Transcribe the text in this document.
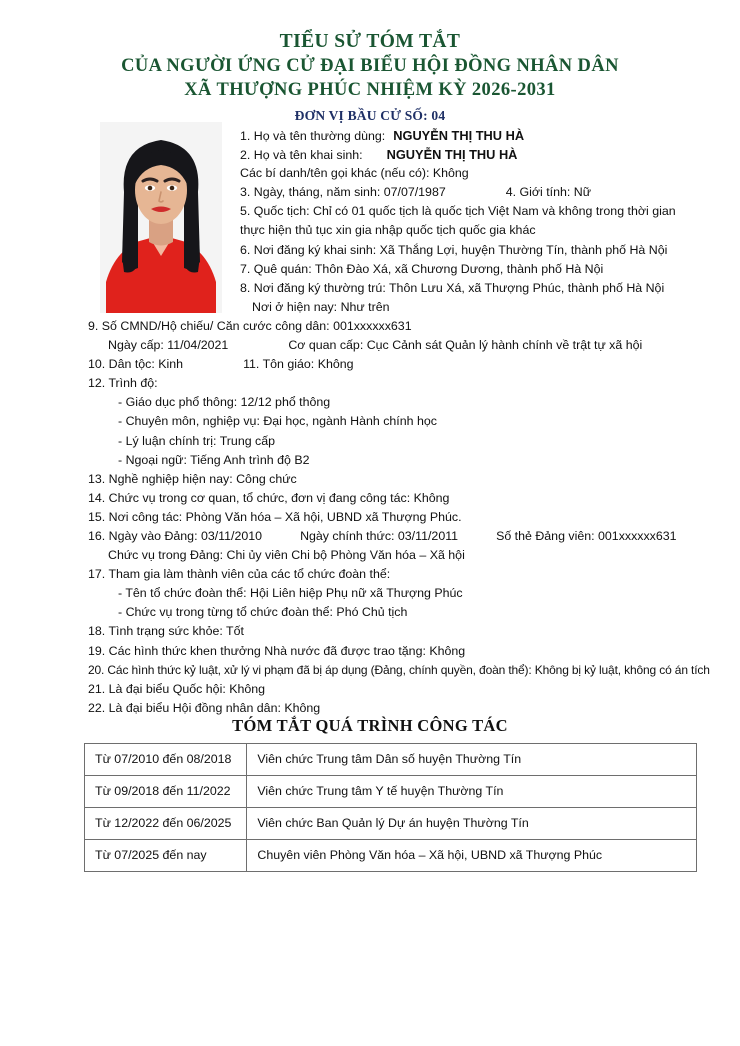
TIỂU SỬ TÓM TẮT
CỦA NGƯỜI ỨNG CỬ ĐẠI BIỂU HỘI ĐỒNG NHÂN DÂN
XÃ THƯỢNG PHÚC NHIỆM KỲ 2026-2031
ĐƠN VỊ BẦU CỬ SỐ: 04
1. Họ và tên thường dùng: NGUYỄN THỊ THU HÀ
2. Họ và tên khai sinh: NGUYỄN THỊ THU HÀ
Các bí danh/tên gọi khác (nếu có): Không
3. Ngày, tháng, năm sinh: 07/07/1987	4. Giới tính: Nữ
5. Quốc tịch: Chỉ có 01 quốc tịch là quốc tịch Việt Nam và không trong thời gian thực hiện thủ tục xin gia nhập quốc tịch quốc gia khác
6. Nơi đăng ký khai sinh: Xã Thắng Lợi, huyện Thường Tín, thành phố Hà Nội
7. Quê quán: Thôn Đào Xá, xã Chương Dương, thành phố Hà Nội
8. Nơi đăng ký thường trú: Thôn Lưu Xá, xã Thượng Phúc, thành phố Hà Nội
Nơi ở hiện nay: Như trên
9. Số CMND/Hộ chiếu/ Căn cước công dân: 001xxxxxx631
Ngày cấp: 11/04/2021	Cơ quan cấp: Cục Cảnh sát Quản lý hành chính về trật tự xã hội
10. Dân tộc: Kinh	11. Tôn giáo: Không
12. Trình độ:
- Giáo dục phổ thông: 12/12 phổ thông
- Chuyên môn, nghiệp vụ: Đại học, ngành Hành chính học
- Lý luận chính trị: Trung cấp
- Ngoại ngữ: Tiếng Anh trình độ B2
13. Nghề nghiệp hiện nay: Công chức
14. Chức vụ trong cơ quan, tổ chức, đơn vị đang công tác: Không
15. Nơi công tác: Phòng Văn hóa – Xã hội, UBND xã Thượng Phúc.
16. Ngày vào Đảng: 03/11/2010	Ngày chính thức: 03/11/2011	Số thẻ Đảng viên: 001xxxxxx631
Chức vụ trong Đảng: Chi ủy viên Chi bộ Phòng Văn hóa – Xã hội
17. Tham gia làm thành viên của các tổ chức đoàn thể:
- Tên tổ chức đoàn thể: Hội Liên hiệp Phụ nữ xã Thượng Phúc
- Chức vụ trong từng tổ chức đoàn thể: Phó Chủ tịch
18. Tình trạng sức khỏe: Tốt
19. Các hình thức khen thưởng Nhà nước đã được trao tặng: Không
20. Các hình thức kỷ luật, xử lý vi phạm đã bị áp dụng (Đảng, chính quyền, đoàn thể): Không bị kỷ luật, không có án tích
21. Là đại biểu Quốc hội: Không
22. Là đại biểu Hội đồng nhân dân: Không
TÓM TẮT QUÁ TRÌNH CÔNG TÁC
Từ 07/2010 đến 08/2018	Viên chức Trung tâm Dân số huyện Thường Tín
Từ 09/2018 đến 11/2022	Viên chức Trung tâm Y tế huyện Thường Tín
Từ 12/2022 đến 06/2025	Viên chức Ban Quản lý Dự án huyện Thường Tín
Từ 07/2025 đến nay	Chuyên viên Phòng Văn hóa – Xã hội, UBND xã Thượng Phúc
